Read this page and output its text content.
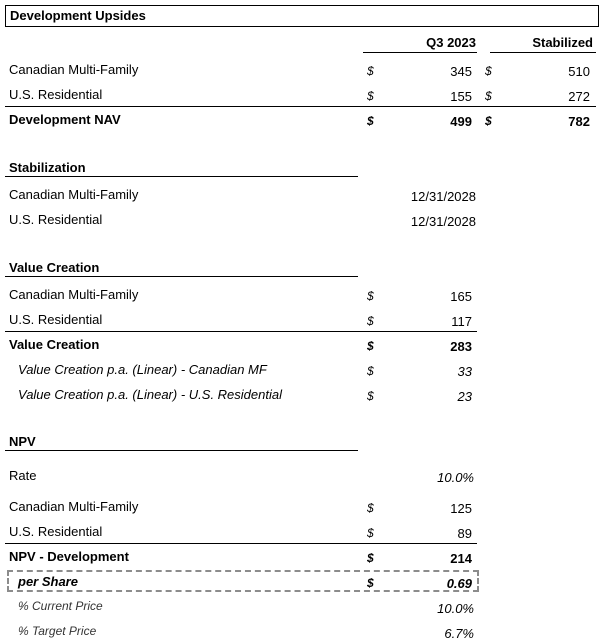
Development Upsides
Q3 2023	Stabilized
Canadian Multi-Family	$	345 $	510
U.S. Residential	$	155 $	272
Development NAV	$	499 $	782
Stabilization
Canadian Multi-Family	12/31/2028
U.S. Residential	12/31/2028
Value Creation
Canadian Multi-Family	$	165
U.S. Residential	$	117
Value Creation	$	283
Value Creation p.a. (Linear) - Canadian MF	$	33
Value Creation p.a. (Linear) - U.S. Residential	$	23
NPV
Rate	10.0%
Canadian Multi-Family	$	125
U.S. Residential	$	89
NPV - Development	$	214
per Share	$	0.69
% Current Price	10.0%
% Target Price	6.7%
